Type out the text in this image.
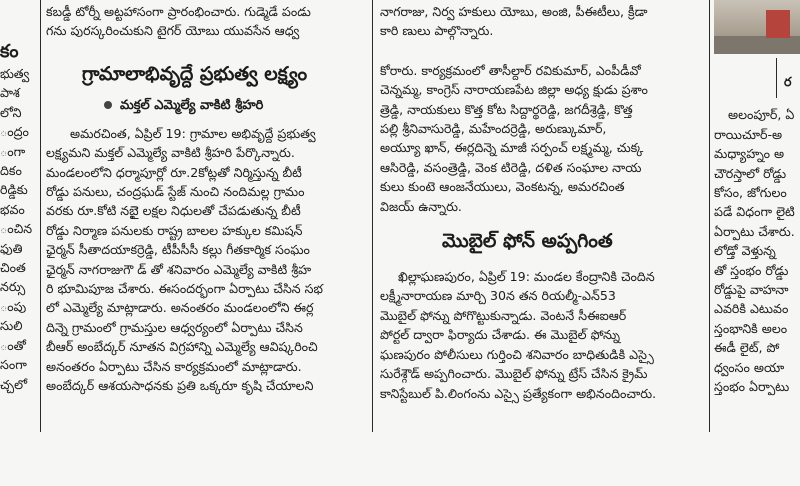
కం
భుత్వ
పాశ
లోని
ంద్రం
ంగా
దికం
రిడ్డికు
భవం
ంచిన
ఫుతి
చింత
నర్సు
ంపు
సులి
ంతో
సంగా
చ్చలో
కబడ్డీ టోర్నీ అట్టహాసంగా ప్రారంభించారు. గుడ్మెడే పండు
గను పురస్కరించుకుని టైగర్ యోబు యువసేన ఆధ్వ
గ్రామాలాభివృద్దే ప్రభుత్వ లక్ష్యం
మక్తల్ ఎమ్మెల్యే వాకిటి శ్రీహరి
అమరచింత, ఏప్రిల్ 19: గ్రామాల అభివృద్దే ప్రభుత్వ
లక్ష్యమని మక్తల్ ఎమ్మెల్యే వాకిటి శ్రీహరి పేర్కొన్నారు.
మండలంలోని ధర్మాపూర్లో రూ.2కోట్లతో నిర్మిస్తున్న బీటీ
రోడ్డు పనులు, చంద్రఘడ్ స్టేజ్ నుంచి నందిమల్ల గ్రామం
వరకు రూ.కోటి నబైై లక్షల నిధులతో చేపడుతున్న బీటీ
రోడ్డు నిర్మాణ పనులకు రాష్ట్ర బాలల హక్కుల కమిషన్
ఛైర్మన్ సీతాదయాకర్రెడ్డి, టీపీసీసీ కల్లు గీతకార్మిక సంఘం
ఛైర్మన్ నాగరాజుగౌ డ్ తో శనివారం ఎమ్మెల్యే వాకిటి శ్రీహ
రి భూమిపూజ చేశారు. ఈసందర్భంగా ఏర్పాటు చేసిన సభ
లో ఎమ్మెల్యే మాట్లాడారు. అనంతరం మండలంలోని ఈర్ల
దిన్నె గ్రామంలో గ్రామస్తుల ఆధ్వర్యంలో ఏర్పాటు చేసిన
బీఆర్ అంబేద్కర్ నూతన విగ్రహాన్ని ఎమ్మెల్యే ఆవిష్కరించి
అనంతరం ఏర్పాటు చేసిన కార్యక్రమంలో మాట్లాడారు.
అంబేద్కర్ ఆశయసాధనకు ప్రతి ఒక్కరూ కృషి చేయాలని
నాగరాజు, నిర్వ హకులు యోబు, అంజి, పీఈటీలు, క్రీడా
కారి ణులు పాల్గొన్నారు.
కోరారు. కార్యక్రమంలో తాసీల్దార్ రవికుమార్, ఎంపీడీవో
చెన్నమ్మ, కాంగ్రెస్ నారాయణపేట జిల్లా అధ్య క్షుడు ప్రశాం
త్రెడ్డి, నాయకులు కొత్త కోట సిద్దార్థరెడ్డి, జగదీశ్రెడ్డి, కొత్త
పల్లి శ్రీనివాసురెడ్డి, మహేందర్రెడ్డి, అరుణ్కుమార్,
అయ్యూ ఖాన్, ఈర్లదిన్నె మాజీ సర్పంచ్ లక్ష్మమ్మ, చుక్క
ఆసిరెడ్డి, వసంత్రెడ్డి, వెంక టిరెడ్డి, దళిత సంఘాల నాయ
కులు కుంటె ఆంజనేయులు, వెంకటన్న, అమరచింత
విజయ్ ఉన్నారు.
మొబైల్ ఫోన్ అప్పగింత
ఖిల్లాఘణపురం, ఏప్రిల్ 19: మండల కేంద్రానికి చెందిన
లక్ష్మీనారాయణ మార్చి 30న తన రియల్మీ-ఎన్53
మొబైల్ ఫోన్ను పోగొట్టుకున్నాడు. వెంటనే సీఈఐఆర్
పోర్టల్ ద్వారా ఫిర్యాదు చేశాడు. ఈ మొబైల్ ఫోన్ను
ఘణపురం పోలీసులు గుర్తించి శనివారం బాధితుడికి ఎస్సై
సురేశ్గౌడ్ అప్పగించారు. మొబైల్ ఫోన్ను ట్రేస్ చేసిన క్రైమ్
కానిస్టేబుల్ పి.లింగంను ఎస్సై ప్రత్యేకంగా అభినందించారు.
ర
అలంపూర్, ఏ
రాయిచూర్-అ
మధ్యాహ్నం అ
చౌరస్తాలో రోడ్డు
కోసం, జోగులం
పడే విధంగా లైటి
ఏర్పాటు చేశారు.
లోడ్తో వెళ్తున్న
తో స్తంభం రోడ్డు
రోడ్డుపై వాహనా
ఎవరికి ఎటువం
స్తంభానికి అలం
ఈడీ లైట్, పో
ధ్వంసం అయా
స్తంభం ఏర్పాటు
